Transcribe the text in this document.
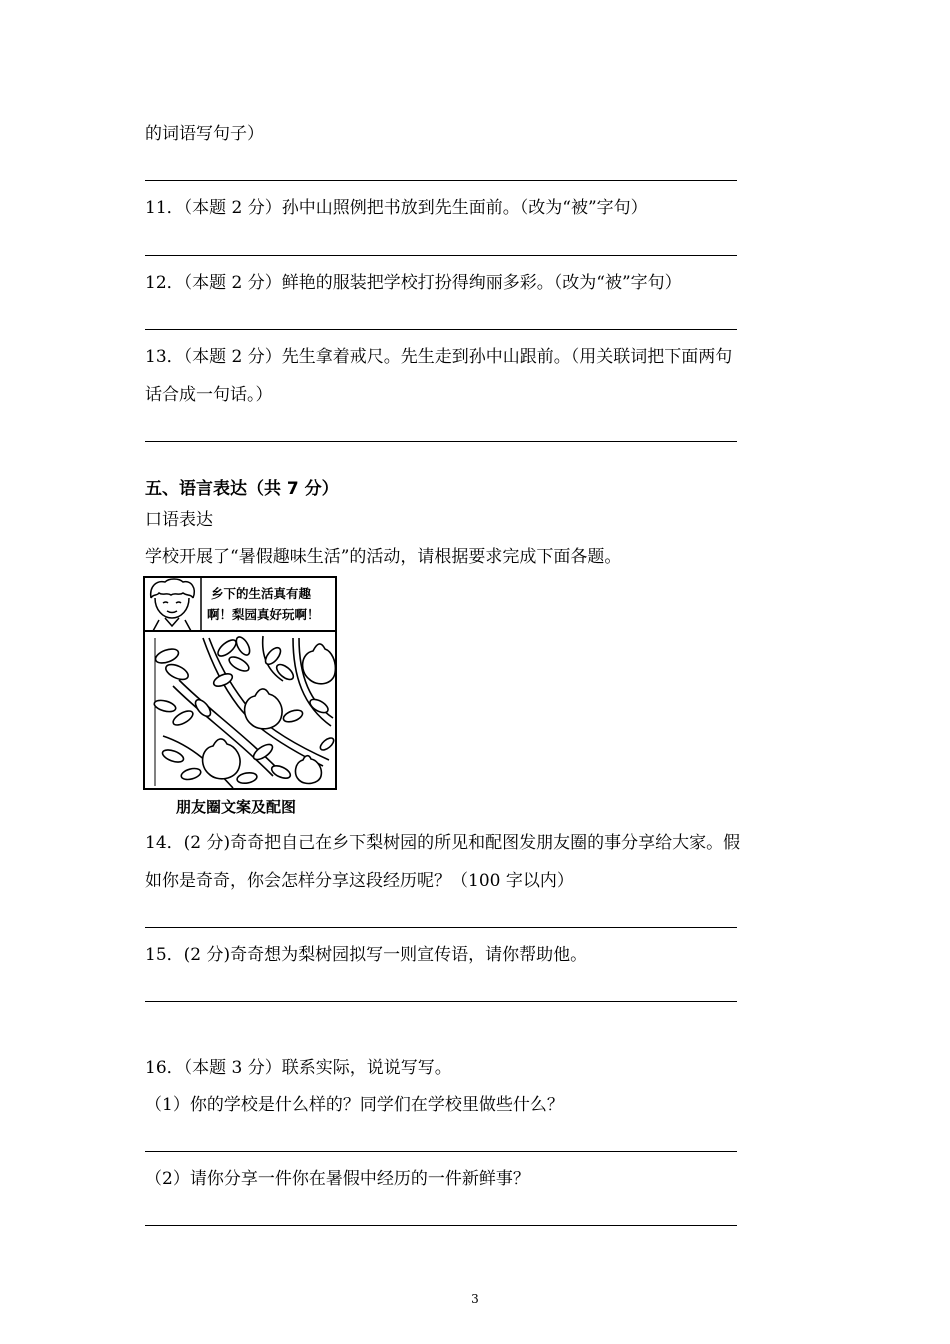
的词语写句子）
11．（本题 2 分）孙中山照例把书放到先生面前。（改为“被”字句）
12．（本题 2 分）鲜艳的服装把学校打扮得绚丽多彩。（改为“被”字句）
13．（本题 2 分）先生拿着戒尺。先生走到孙中山跟前。（用关联词把下面两句
话合成一句话。）
五、语言表达（共 7 分）
口语表达
学校开展了“暑假趣味生活”的活动，请根据要求完成下面各题。
乡下的生活真有趣
啊！梨园真好玩啊！
朋友圈文案及配图
14．(2 分)奇奇把自己在乡下梨树园的所见和配图发朋友圈的事分享给大家。假
如你是奇奇，你会怎样分享这段经历呢？（100 字以内）
15．(2 分)奇奇想为梨树园拟写一则宣传语，请你帮助他。
16．（本题 3 分）联系实际，说说写写。
（1）你的学校是什么样的？同学们在学校里做些什么？
（2）请你分享一件你在暑假中经历的一件新鲜事？
3
